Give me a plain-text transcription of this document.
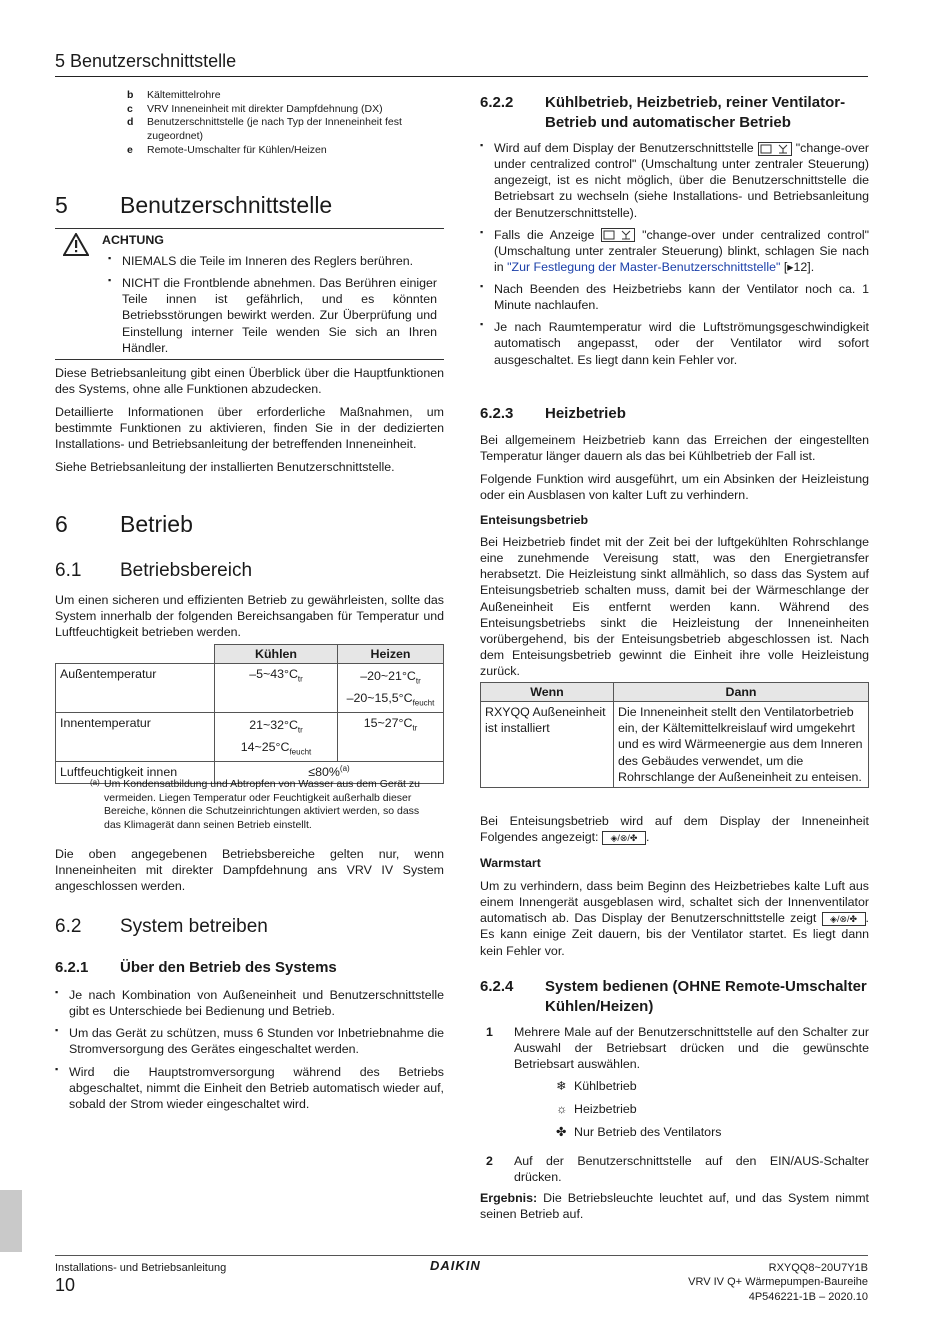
5 Benutzerschnittstelle
b	Kältemittelrohre
c	VRV Inneneinheit mit direkter Dampfdehnung (DX)
d	Benutzerschnittstelle (je nach Typ der Inneneinheit fest zugeordnet)
e	Remote-Umschalter für Kühlen/Heizen
5	Benutzerschnittstelle
ACHTUNG
▪ NIEMALS die Teile im Inneren des Reglers berühren.
▪ NICHT die Frontblende abnehmen. Das Berühren einiger Teile innen ist gefährlich, und es könnten Betriebsstörungen bewirkt werden. Zur Überprüfung und Einstellung interner Teile wenden Sie sich an Ihren Händler.

Diese Betriebsanleitung gibt einen Überblick über die Hauptfunktionen des Systems, ohne alle Funktionen abzudecken.

Detaillierte Informationen über erforderliche Maßnahmen, um bestimmte Funktionen zu aktivieren, finden Sie in der dedizierten Installations- und Betriebsanleitung der betreffenden Inneneinheit.

Siehe Betriebsanleitung der installierten Benutzerschnittstelle.

6	Betrieb
6.1	Betriebsbereich

Um einen sicheren und effizienten Betrieb zu gewährleisten, sollte das System innerhalb der folgenden Bereichsangaben für Temperatur und Luftfeuchtigkeit betrieben werden.

	Kühlen	Heizen
Außentemperatur	$-5\sim 43^\circ C_{tr}$	$-20\sim 21^\circ C_{tr}$
$-20\sim 15,5^\circ C_{feucht}$

Innentemperatur	$21\sim 32^\circ C_{tr}$
$14\sim 25^\circ C_{feucht}$	$15\sim 27^\circ C_{tr}$
Luftfeuchtigkeit innen	≤80%$^{(a)}$
(a) Um Kondensatbildung und Abtropfen von Wasser aus dem Gerät zu vermeiden. Liegen Temperatur oder Feuchtigkeit außerhalb dieser Bereiche, können die Schutzeinrichtungen aktiviert werden, so dass das Klimagerät dann seinen Betrieb einstellt.

Die oben angegebenen Betriebsbereiche gelten nur, wenn Inneneinheiten mit direkter Dampfdehnung ans VRV IV System angeschlossen werden.

6.2	System betreiben
6.2.1	Über den Betrieb des Systems
▪ Je nach Kombination von Außeneinheit und Benutzerschnittstelle gibt es Unterschiede bei Bedienung und Betrieb.
▪ Um das Gerät zu schützen, muss 6 Stunden vor Inbetriebnahme die Stromversorgung des Gerätes eingeschaltet werden.
▪ Wird die Hauptstromversorgung während des Betriebs abgeschaltet, nimmt die Einheit den Betrieb automatisch wieder auf, sobald der Strom wieder eingeschaltet wird.
6.2.2	Kühlbetrieb, Heizbetrieb, reiner Ventilator-Betrieb und automatischer Betrieb
▪ Wird auf dem Display der Benutzerschnittstelle	"change-over under centralized control" (Umschaltung unter zentraler Steuerung) angezeigt, ist es nicht möglich, über die Benutzerschnittstelle die Betriebsart zu wechseln (siehe Installations- und Betriebsanleitung der Benutzerschnittstelle).
▪ Falls die Anzeige	"change-over under centralized control" (Umschaltung unter zentraler Steuerung) blinkt, schlagen Sie nach in "Zur Festlegung der Master-Benutzerschnittstelle" [▸12].
▪ Nach Beenden des Heizbetriebs kann der Ventilator noch ca. 1 Minute nachlaufen.
▪ Je nach Raumtemperatur wird die Luftströmungsgeschwindigkeit automatisch angepasst, oder der Ventilator wird sofort ausgeschaltet. Es liegt dann kein Fehler vor.
6.2.3	Heizbetrieb

Bei allgemeinem Heizbetrieb kann das Erreichen der eingestellten Temperatur länger dauern als das bei Kühlbetrieb der Fall ist.

Folgende Funktion wird ausgeführt, um ein Absinken der Heizleistung oder ein Ausblasen von kalter Luft zu verhindern.

Enteisungsbetrieb

Bei Heizbetrieb findet mit der Zeit bei der luftgekühlten Rohrschlange eine zunehmende Vereisung statt, was den Energietransfer herabsetzt. Die Heizleistung sinkt allmählich, so dass das System auf Enteisungsbetrieb schalten muss, damit bei der Wärmeschlange der Außeneinheit Eis entfernt werden kann. Während des Enteisungsbetriebs sinkt die Heizleistung der Inneneinheiten vorübergehend, bis der Enteisungsbetrieb abgeschlossen ist. Nach dem Enteisungsbetrieb gewinnt die Einheit ihre volle Heizleistung zurück.

Wenn	Dann
RXYQQ Außeneinheit ist installiert	Die Inneneinheit stellt den Ventilatorbetrieb ein, der Kältemittelkreislauf wird umgekehrt und es wird Wärmeenergie aus dem Inneren des Gebäudes verwendet, um die Rohrschlange der Außeneinheit zu enteisen.

Bei Enteisungsbetrieb wird auf dem Display der Inneneinheit Folgendes angezeigt: ◈/⊗/✤ .

Warmstart

Um zu verhindern, dass beim Beginn des Heizbetriebes kalte Luft aus einem Innengerät ausgeblasen wird, schaltet sich der Innenventilator automatisch ab. Das Display der Benutzerschnittstelle zeigt ◈/⊗/✤ . Es kann einige Zeit dauern, bis der Ventilator startet. Es liegt dann kein Fehler vor.

6.2.4	System bedienen (OHNE Remote-Umschalter Kühlen/Heizen)
1	Mehrere Male auf der Benutzerschnittstelle auf den Schalter zur Auswahl der Betriebsart drücken und die gewünschte Betriebsart auswählen.

❄ Kühlbetrieb
☼ Heizbetrieb
✤ Nur Betrieb des Ventilators
2	Auf der Benutzerschnittstelle auf den EIN/AUS-Schalter drücken.

Ergebnis: Die Betriebsleuchte leuchtet auf, und das System nimmt seinen Betrieb auf.

Installations- und Betriebsanleitung
10
DAIKIN	RXYQQ8~20U7Y1B
VRV IV Q+ Wärmepumpen-Baureihe
4P546221-1B – 2020.10
